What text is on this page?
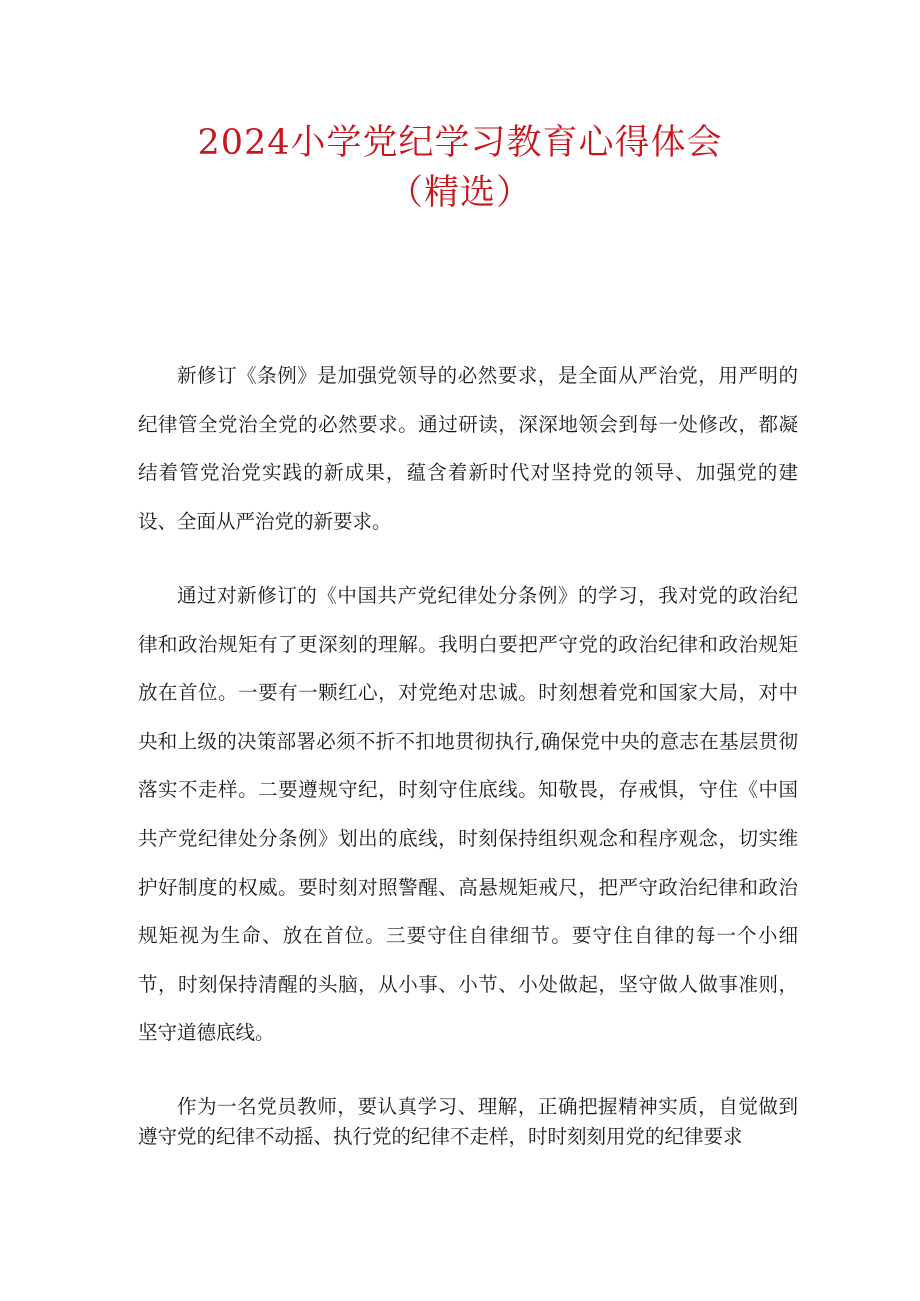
2024小学党纪学习教育心得体会
（精选）

新修订《条例》是加强党领导的必然要求，是全面从严治党，用严明的纪律管全党治全党的必然要求。通过研读，深深地领会到每一处修改，都凝结着管党治党实践的新成果，蕴含着新时代对坚持党的领导、加强党的建设、全面从严治党的新要求。

通过对新修订的《中国共产党纪律处分条例》的学习，我对党的政治纪律和政治规矩有了更深刻的理解。我明白要把严守党的政治纪律和政治规矩放在首位。一要有一颗红心，对党绝对忠诚。时刻想着党和国家大局，对中央和上级的决策部署必须不折不扣地贯彻执行,确保党中央的意志在基层贯彻落实不走样。二要遵规守纪，时刻守住底线。知敬畏，存戒惧，守住《中国共产党纪律处分条例》划出的底线，时刻保持组织观念和程序观念，切实维护好制度的权威。要时刻对照警醒、高悬规矩戒尺，把严守政治纪律和政治规矩视为生命、放在首位。三要守住自律细节。要守住自律的每一个小细节，时刻保持清醒的头脑，从小事、小节、小处做起，坚守做人做事准则，坚守道德底线。

作为一名党员教师，要认真学习、理解，正确把握精神实质，自觉做到遵守党的纪律不动摇、执行党的纪律不走样，时时刻刻用党的纪律要求
